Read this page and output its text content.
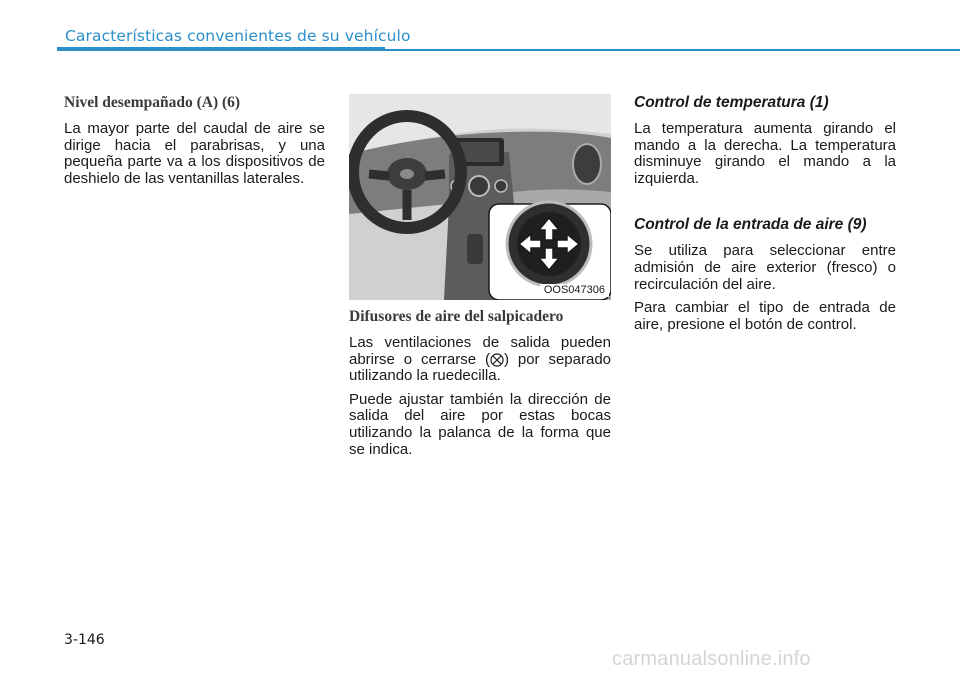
Características convenientes de su vehículo
Nivel desempañado (A) (6)

La mayor parte del caudal de aire se dirige hacia el parabrisas, y una pequeña parte va a los dispositivos de deshielo de las ventanillas laterales.

OOS047306
Difusores de aire del salpicadero

Las ventilaciones de salida pueden abrirse o cerrarse ( ) por separado utilizando la ruedecilla.

Puede ajustar también la dirección de salida del aire por estas bocas utilizando la palanca de la forma que se indica.

Control de temperatura (1)

La temperatura aumenta girando el mando a la derecha. La temperatura disminuye girando el mando a la izquierda.

Control de la entrada de aire (9)

Se utiliza para seleccionar entre admisión de aire exterior (fresco) o recirculación del aire.

Para cambiar el tipo de entrada de aire, presione el botón de control.

3-146
carmanualsonline.info
